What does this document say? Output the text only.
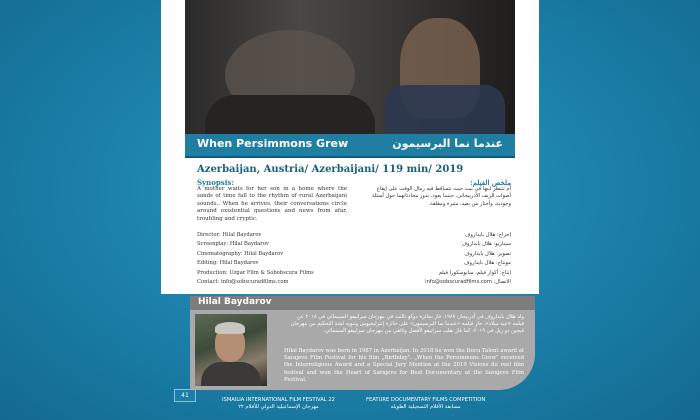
When Persimmons Grew	عندما نما البرسيمون
Azerbaijan, Austria/ Azerbaijani/ 119 min/ 2019
Synopsis:	ملخص الفيلم:
A mother waits for her son in a home where the sands of time fall to the rhythm of rural Azerbaijani sounds.. When he arrives, their conversations circle around existential questions and news from afar, troubling and cryptic.
أم تنتظر ابنها في بيت حيث تتساقط فيه رمال الوقت على إيقاع أصوات الريف الأذربيجاني. حينما يعود، تدور محادثاتهما حول أسئلة وجودية، وأخبار من بعيد، مثيرة ومقلقة.
Director: Hilal Baydarov
Screenplay: Hilal Baydarov
Cinematography: Hilal Baydarov
Editing: Hilal Baydarov
Production: Uzgar Film & Sobobscura Films
Contact: info@sobscuradfilms.com
إخراج: هلال بايداروف
سيناريو: هلال بايداروف
تصوير: هلال بايداروف
مونتاج: هلال بايداروف
إنتاج: أكوار فيلم، سابوسكورا فيلم
الاتصال: info@sobscuradfilms.com
ولد هلال بايداروف في أذربيجان ١٩٨٧. فاز بجائزة دوكو تالنت في مهرجان سراييفو السينمائي في ٢٠١٨ عن فيلمه «عيد ميلاد»، حاز فيلمه «عندما نما البرسيمون» على جائزة إنترليجيوس وتنويه لجنة التحكيم من مهرجان فيجين دو ريل في ٢٠١٩، كما فاز بقلب سراييفو لأفضل وثائقي من مهرجان سراييفو السينمائي.
Hilal Baydarov was born in 1987 in Azerbaijan. In 2018 he won the Docu Talent award at Sarajevo Film Festival for his film „Birthday". „When the Persimmons Grew" received the Interreligious Award and a Special Jury Mention at the 2019 Visions du reel film festival and won the Heart of Sarajevo for Best Documentary at the Sarajevo Film Festival.
Hilal Baydarov
41
ISMAILIA INTERNATIONAL FILM FESTIVAL 22
مهرجان الإسماعيلية الدولي للأفلام ٢٢
FEATURE DOCUMENTARY FILMS COMPETITION
مسابقة الأفلام التسجيلية الطويلة
